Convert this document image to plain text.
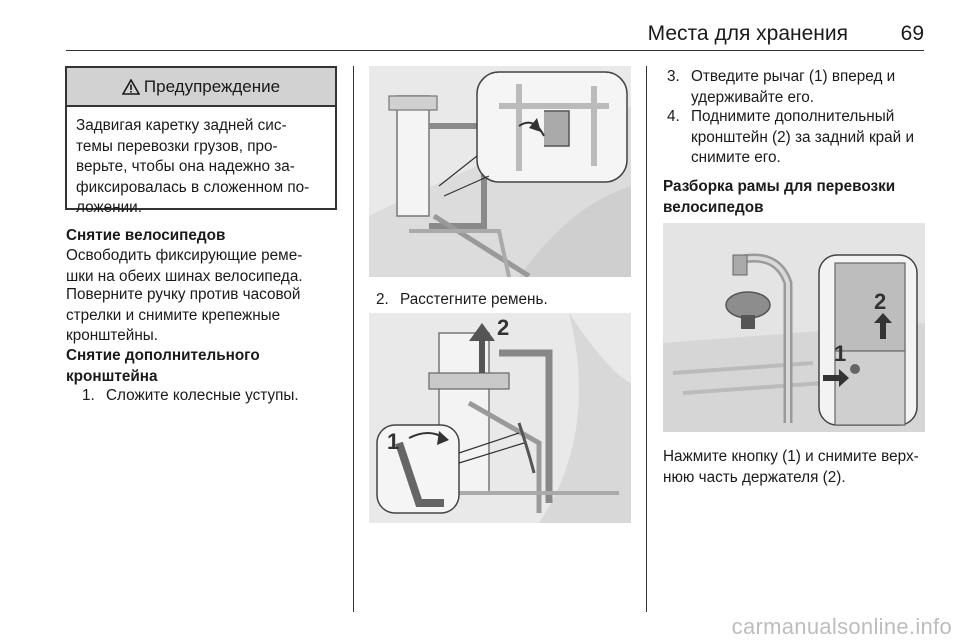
Места для хранения	69
Предупреждение
Задвигая каретку задней сис-
темы перевозки грузов, про-
верьте, чтобы она надежно за-
фиксировалась в сложенном по-
ложении.
Снятие велосипедов
Освободить фиксирующие реме-
шки на обеих шинах велосипеда.
Поверните ручку против часовой
стрелки и снимите крепежные
кронштейны.
Снятие дополнительного
кронштейна
1. Сложите колесные уступы.
2. Расстегните ремень.
2
1
3. Отведите рычаг (1) вперед и
удерживайте его.
4. Поднимите дополнительный
кронштейн (2) за задний край и
снимите его.
Разборка рамы для перевозки
велосипедов
2
1
Нажмите кнопку (1) и снимите верх-
нюю часть держателя (2).
carmanualsonline.info
